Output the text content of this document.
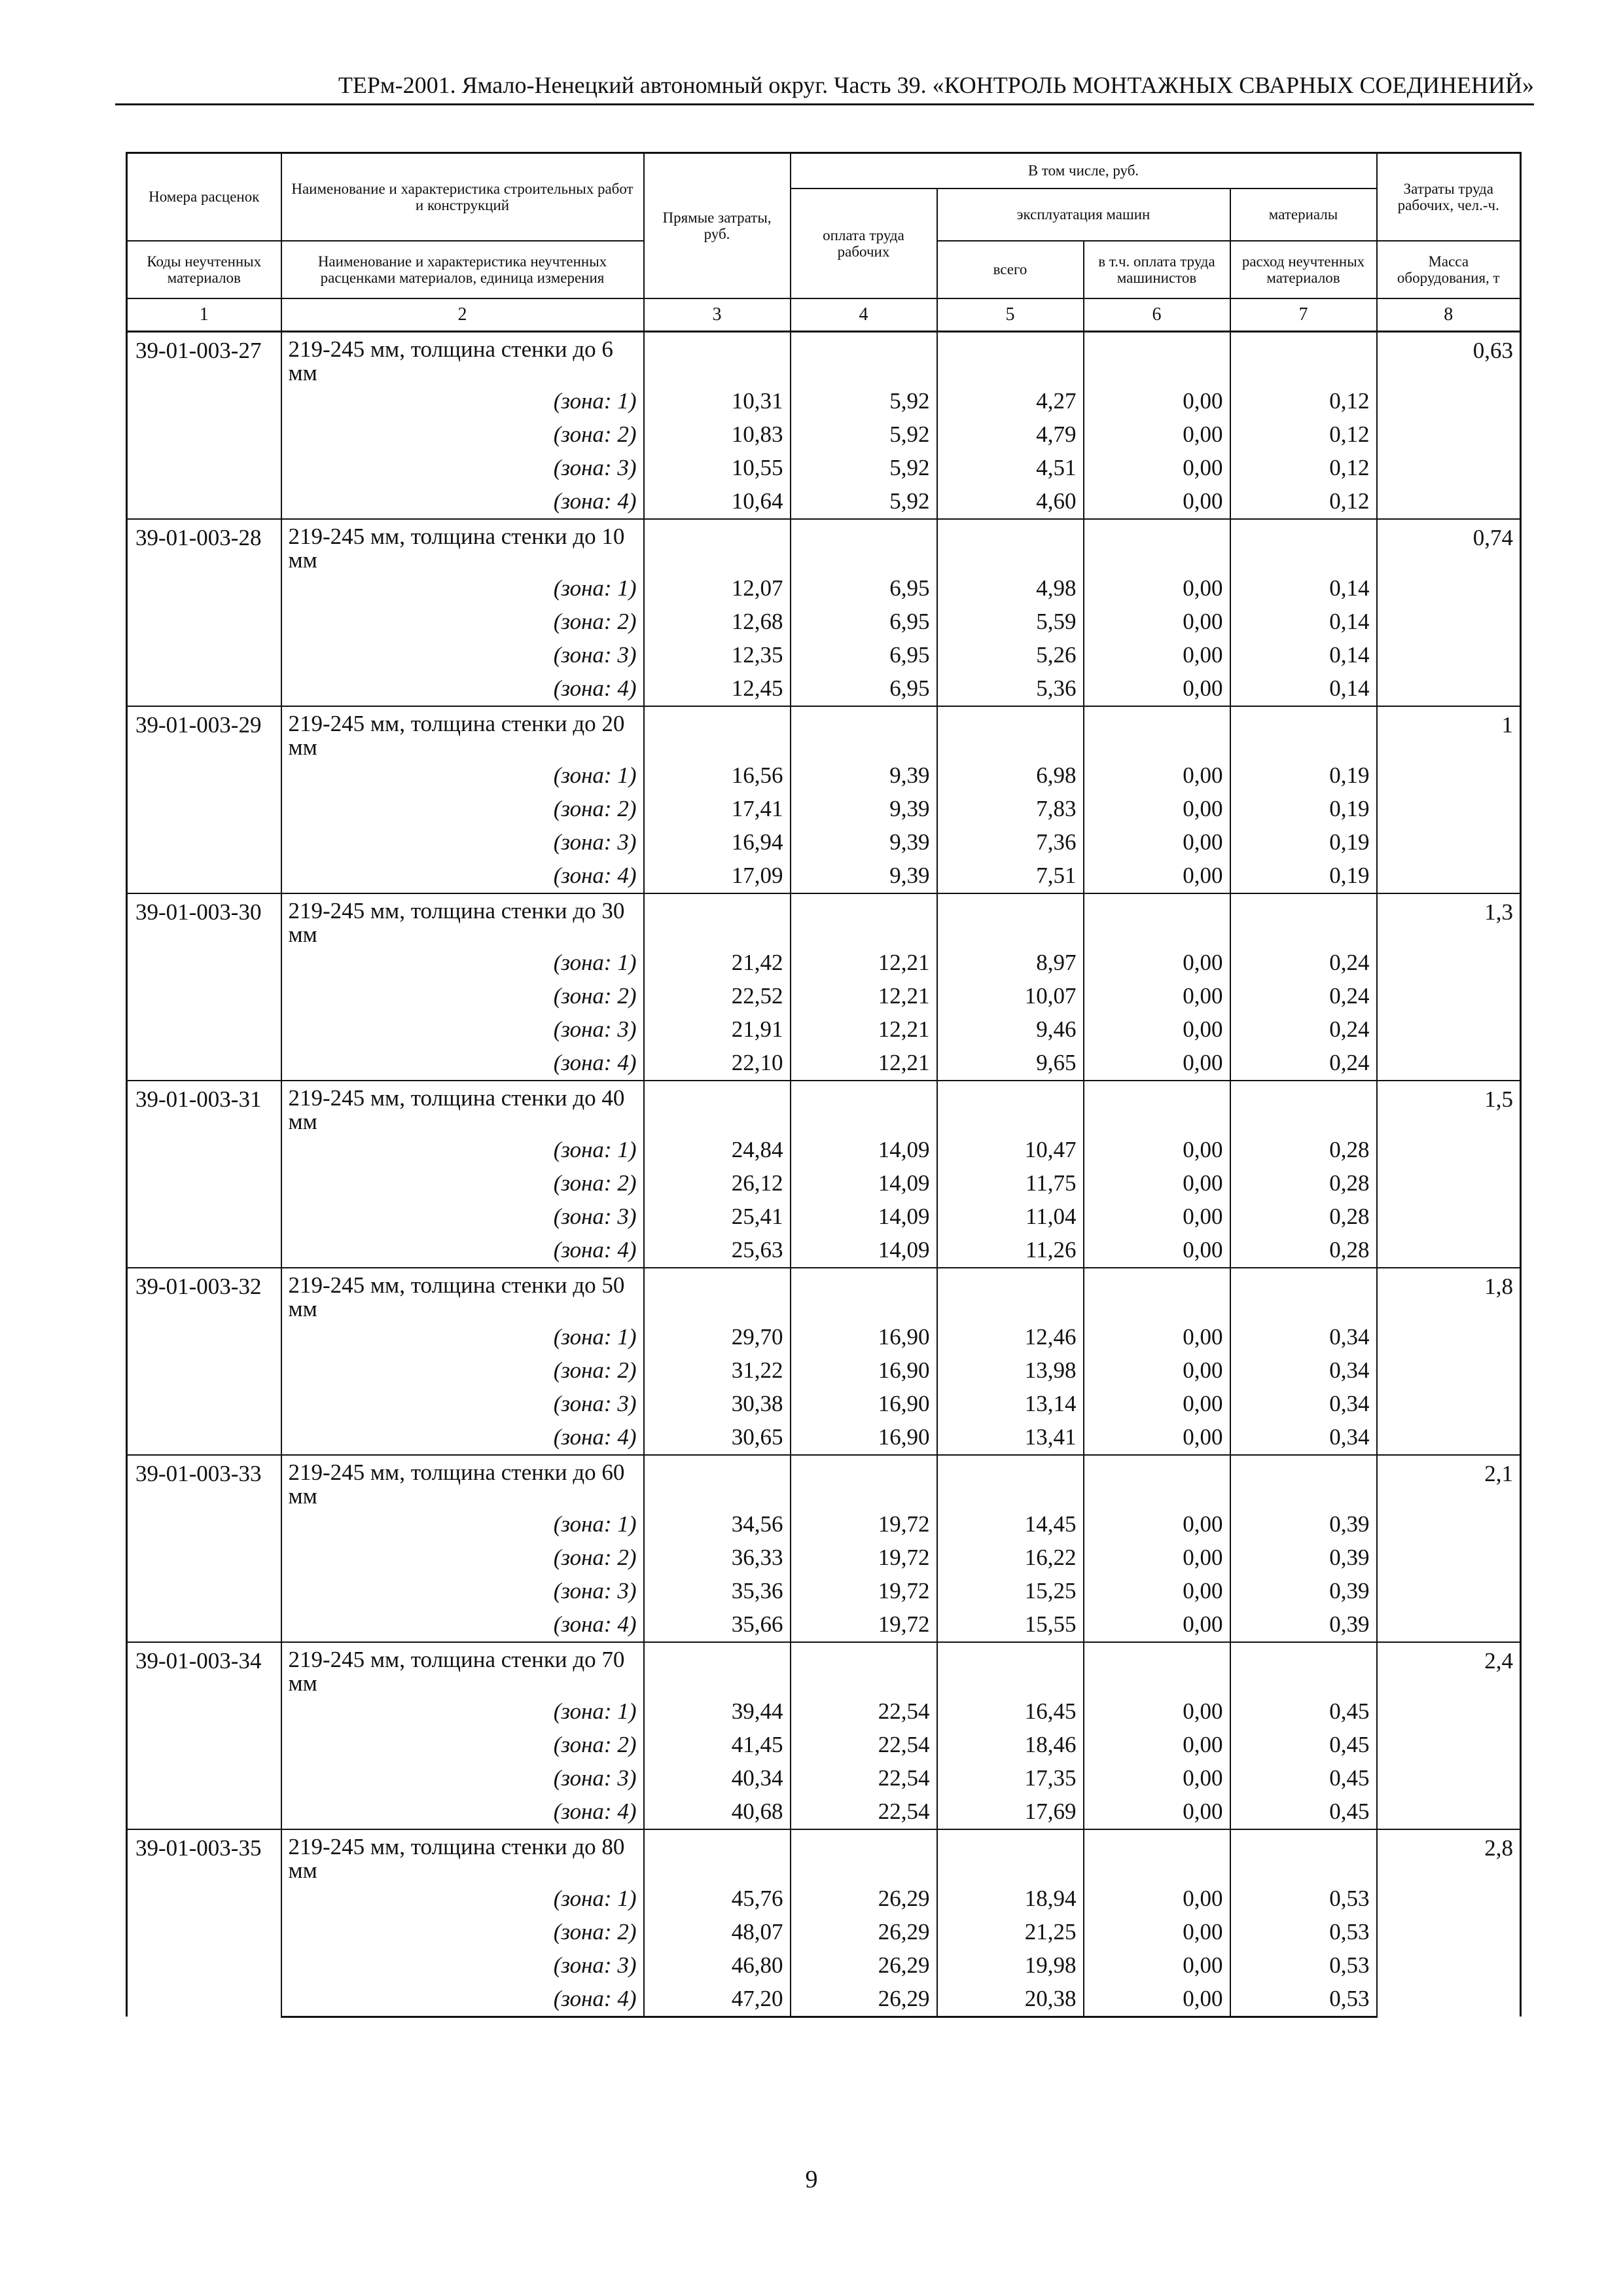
ТЕРм-2001. Ямало-Ненецкий автономный округ. Часть 39. «КОНТРОЛЬ МОНТАЖНЫХ СВАРНЫХ СОЕДИНЕНИЙ»
Номера расценок	Наименование и характеристика строительных работ и конструкций	Прямые затраты, руб.	В том числе, руб.				Затраты труда рабочих, чел.-ч.
			оплата труда рабочих	эксплуатация машин		материалы	
Коды неучтенных материалов	Наименование и характеристика неучтенных расценками материалов, единица измерения			всего	в т.ч. оплата труда машинистов	расход неучтенных материалов	Масса оборудования, т
1	2	3	4	5	6	7	8
39-01-003-27	219-245 мм, толщина стенки до 6 мм						0,63
	(зона: 1)	10,31	5,92	4,27	0,00	0,12	
	(зона: 2)	10,83	5,92	4,79	0,00	0,12	
	(зона: 3)	10,55	5,92	4,51	0,00	0,12	
	(зона: 4)	10,64	5,92	4,60	0,00	0,12	
39-01-003-28	219-245 мм, толщина стенки до 10 мм						0,74
	(зона: 1)	12,07	6,95	4,98	0,00	0,14	
	(зона: 2)	12,68	6,95	5,59	0,00	0,14	
	(зона: 3)	12,35	6,95	5,26	0,00	0,14	
	(зона: 4)	12,45	6,95	5,36	0,00	0,14	
39-01-003-29	219-245 мм, толщина стенки до 20 мм						1
	(зона: 1)	16,56	9,39	6,98	0,00	0,19	
	(зона: 2)	17,41	9,39	7,83	0,00	0,19	
	(зона: 3)	16,94	9,39	7,36	0,00	0,19	
	(зона: 4)	17,09	9,39	7,51	0,00	0,19	
39-01-003-30	219-245 мм, толщина стенки до 30 мм						1,3
	(зона: 1)	21,42	12,21	8,97	0,00	0,24	
	(зона: 2)	22,52	12,21	10,07	0,00	0,24	
	(зона: 3)	21,91	12,21	9,46	0,00	0,24	
	(зона: 4)	22,10	12,21	9,65	0,00	0,24	
39-01-003-31	219-245 мм, толщина стенки до 40 мм						1,5
	(зона: 1)	24,84	14,09	10,47	0,00	0,28	
	(зона: 2)	26,12	14,09	11,75	0,00	0,28	
	(зона: 3)	25,41	14,09	11,04	0,00	0,28	
	(зона: 4)	25,63	14,09	11,26	0,00	0,28	
39-01-003-32	219-245 мм, толщина стенки до 50 мм						1,8
	(зона: 1)	29,70	16,90	12,46	0,00	0,34	
	(зона: 2)	31,22	16,90	13,98	0,00	0,34	
	(зона: 3)	30,38	16,90	13,14	0,00	0,34	
	(зона: 4)	30,65	16,90	13,41	0,00	0,34	
39-01-003-33	219-245 мм, толщина стенки до 60 мм						2,1
	(зона: 1)	34,56	19,72	14,45	0,00	0,39	
	(зона: 2)	36,33	19,72	16,22	0,00	0,39	
	(зона: 3)	35,36	19,72	15,25	0,00	0,39	
	(зона: 4)	35,66	19,72	15,55	0,00	0,39	
39-01-003-34	219-245 мм, толщина стенки до 70 мм						2,4
	(зона: 1)	39,44	22,54	16,45	0,00	0,45	
	(зона: 2)	41,45	22,54	18,46	0,00	0,45	
	(зона: 3)	40,34	22,54	17,35	0,00	0,45	
	(зона: 4)	40,68	22,54	17,69	0,00	0,45	
39-01-003-35	219-245 мм, толщина стенки до 80 мм						2,8
	(зона: 1)	45,76	26,29	18,94	0,00	0,53	
	(зона: 2)	48,07	26,29	21,25	0,00	0,53	
	(зона: 3)	46,80	26,29	19,98	0,00	0,53	
	(зона: 4)	47,20	26,29	20,38	0,00	0,53	
9
